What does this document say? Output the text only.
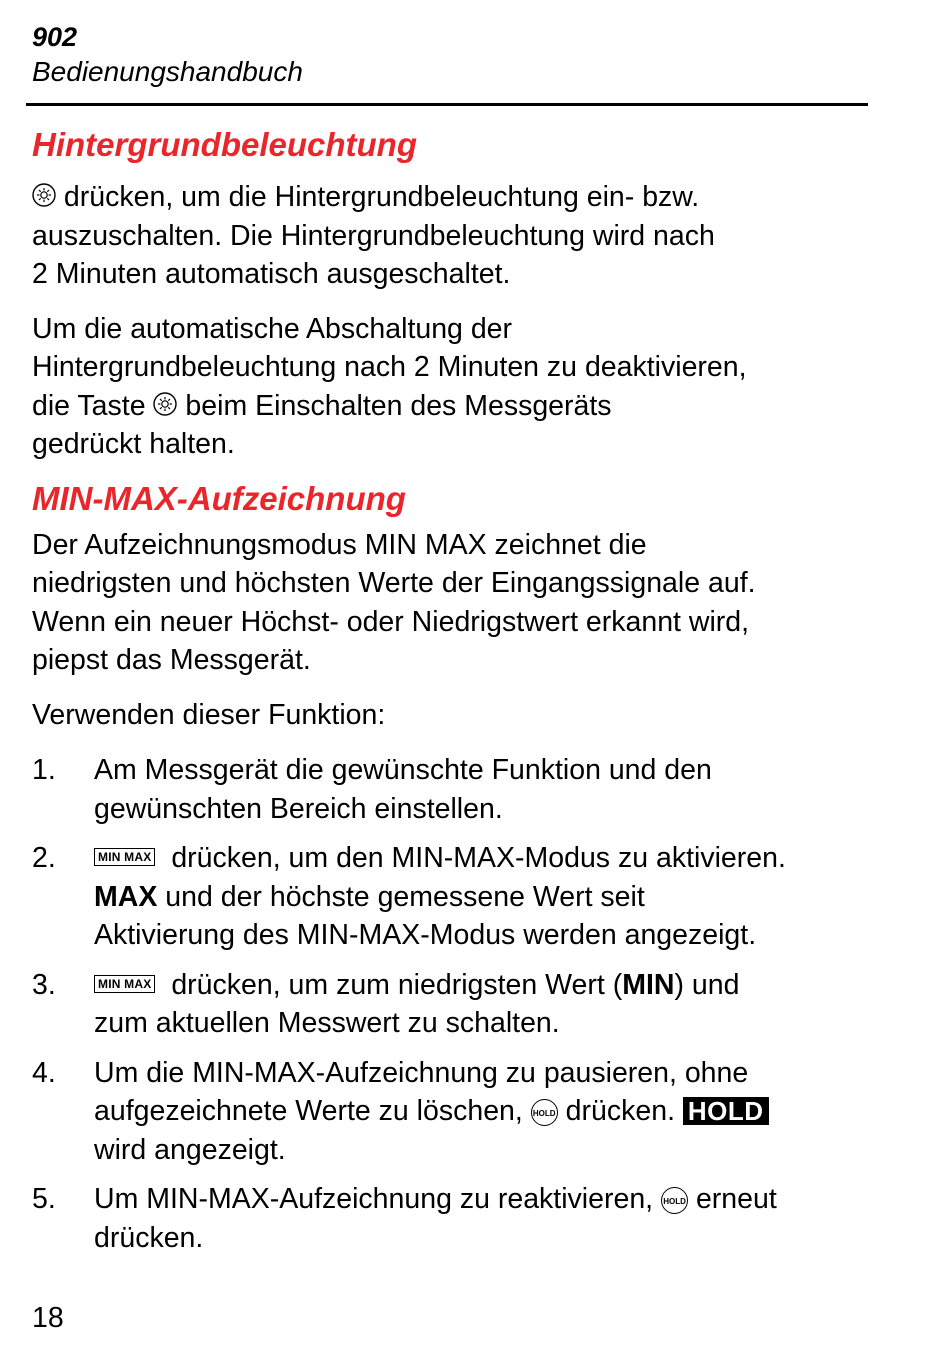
902
Bedienungshandbuch
Hintergrundbeleuchtung

drücken, um die Hintergrundbeleuchtung ein- bzw.
auszuschalten. Die Hintergrundbeleuchtung wird nach
2 Minuten automatisch ausgeschaltet.

Um die automatische Abschaltung der
Hintergrundbeleuchtung nach 2 Minuten zu deaktivieren,
die Taste beim Einschalten des Messgeräts
gedrückt halten.

MIN-MAX-Aufzeichnung

Der Aufzeichnungsmodus MIN MAX zeichnet die
niedrigsten und höchsten Werte der Eingangssignale auf.
Wenn ein neuer Höchst- oder Niedrigstwert erkannt wird,
piepst das Messgerät.

Verwenden dieser Funktion:

1. Am Messgerät die gewünschte Funktion und den
gewünschten Bereich einstellen.
2.	MIN MAX drücken, um den MIN-MAX-Modus zu aktivieren.
MAX und der höchste gemessene Wert seit
Aktivierung des MIN-MAX-Modus werden angezeigt.
3.	MIN MAX drücken, um zum niedrigsten Wert (MIN) und
zum aktuellen Messwert zu schalten.
4. Um die MIN-MAX-Aufzeichnung zu pausieren, ohne
aufgezeichnete Werte zu löschen, HOLD drücken. HOLD
wird angezeigt.
5. Um MIN-MAX-Aufzeichnung zu reaktivieren, HOLD erneut
drücken.
18
